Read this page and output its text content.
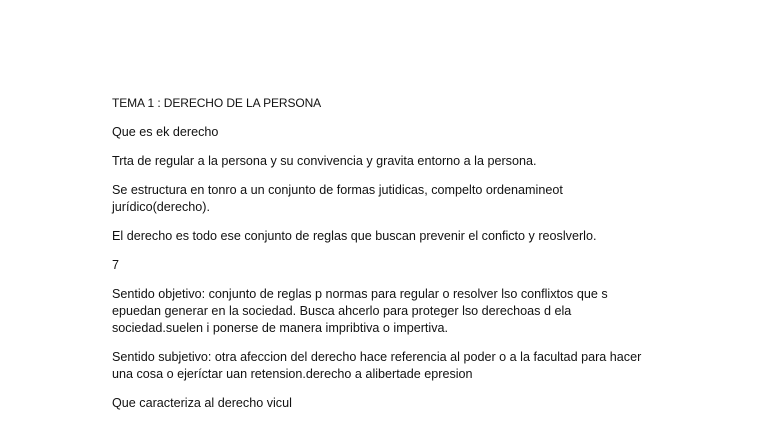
TEMA 1 : DERECHO DE LA PERSONA

Que es ek derecho

Trta de regular a la persona y su convivencia y gravita entorno a la persona.

Se estructura en tonro a un conjunto de formas jutidicas, compelto ordenamineot
jurídico(derecho).

El derecho es todo ese conjunto de reglas que buscan prevenir el conficto y reoslverlo.

7

Sentido objetivo: conjunto de reglas p normas para regular o resolver lso conflixtos que s
epuedan generar en la sociedad. Busca ahcerlo para proteger lso derechoas d ela
sociedad.suelen i ponerse de manera impribtiva o impertiva.

Sentido subjetivo: otra afeccion del derecho hace referencia al poder o a la facultad para hacer
una cosa o ejeríctar uan retension.derecho a alibertade epresion

Que caracteriza al derecho vicul
